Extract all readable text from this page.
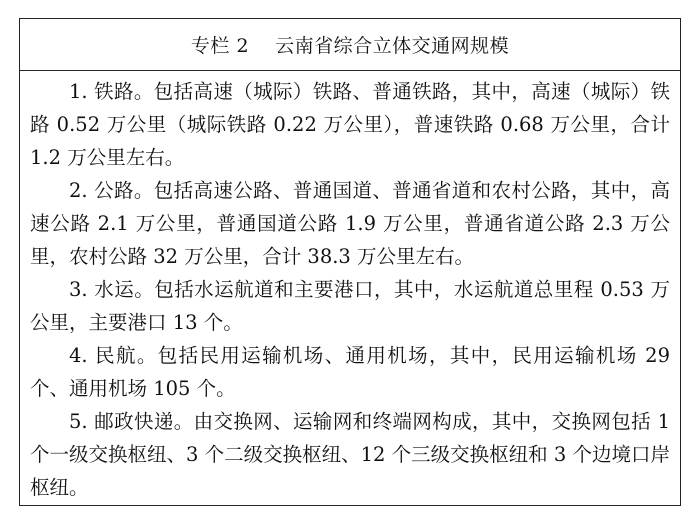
专栏 2 云南省综合立体交通网规模

1. 铁路。包括高速（城际）铁路、普通铁路，其中，高速（城际）铁路 0.52 万公里（城际铁路 0.22 万公里），普速铁路 0.68 万公里，合计 1.2 万公里左右。

2. 公路。包括高速公路、普通国道、普通省道和农村公路，其中，高速公路 2.1 万公里，普通国道公路 1.9 万公里，普通省道公路 2.3 万公里，农村公路 32 万公里，合计 38.3 万公里左右。

3. 水运。包括水运航道和主要港口，其中，水运航道总里程 0.53 万公里，主要港口 13 个。

4. 民航。包括民用运输机场、通用机场，其中，民用运输机场 29 个、通用机场 105 个。

5. 邮政快递。由交换网、运输网和终端网构成，其中，交换网包括 1 个一级交换枢纽、3 个二级交换枢纽、12 个三级交换枢纽和 3 个边境口岸枢纽。
